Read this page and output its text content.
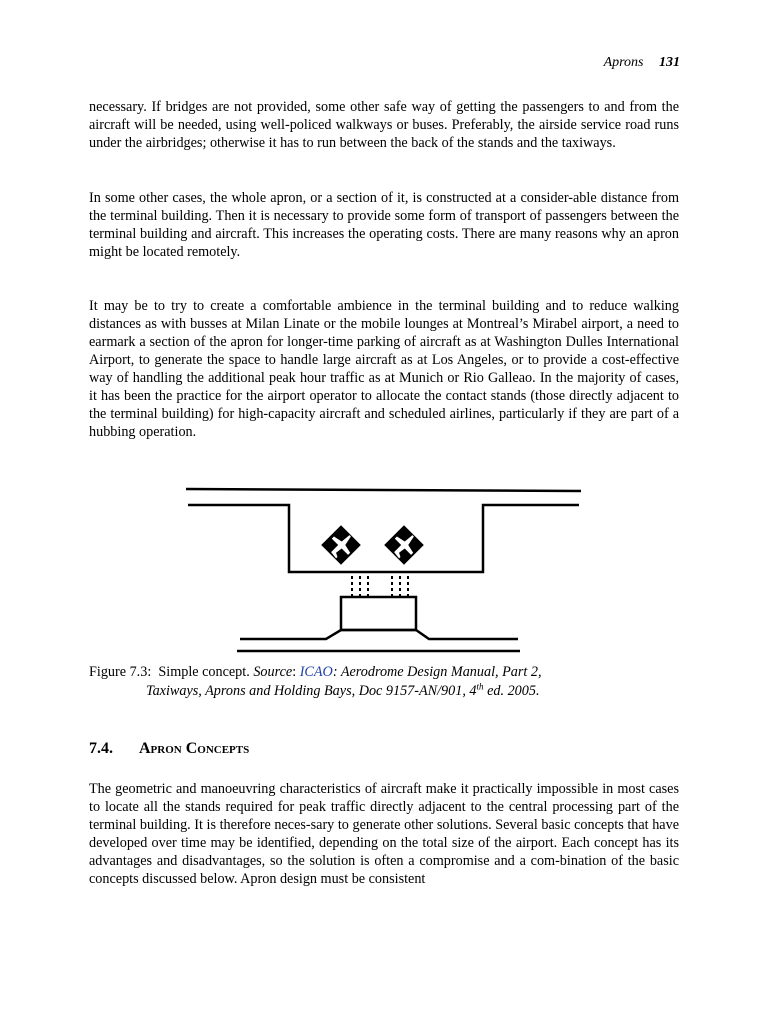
Aprons 131

necessary. If bridges are not provided, some other safe way of getting the passengers to and from the aircraft will be needed, using well-policed walkways or buses. Preferably, the airside service road runs under the airbridges; otherwise it has to run between the back of the stands and the taxiways.

In some other cases, the whole apron, or a section of it, is constructed at a consider-able distance from the terminal building. Then it is necessary to provide some form of transport of passengers between the terminal building and aircraft. This increases the operating costs. There are many reasons why an apron might be located remotely.

It may be to try to create a comfortable ambience in the terminal building and to reduce walking distances as with busses at Milan Linate or the mobile lounges at Montreal’s Mirabel airport, a need to earmark a section of the apron for longer-time parking of aircraft as at Washington Dulles International Airport, to generate the space to handle large aircraft as at Los Angeles, or to provide a cost-effective way of handling the additional peak hour traffic as at Munich or Rio Galleao. In the majority of cases, it has been the practice for the airport operator to allocate the contact stands (those directly adjacent to the terminal building) for high-capacity aircraft and scheduled airlines, particularly if they are part of a hubbing operation.

Figure 7.3: Simple concept. Source: ICAO: Aerodrome Design Manual, Part 2,
Taxiways, Aprons and Holding Bays, Doc 9157-AN/901, 4th ed. 2005.
7.4. Apron Concepts

The geometric and manoeuvring characteristics of aircraft make it practically impossible in most cases to locate all the stands required for peak traffic directly adjacent to the central processing part of the terminal building. It is therefore neces-sary to generate other solutions. Several basic concepts that have developed over time may be identified, depending on the total size of the airport. Each concept has its advantages and disadvantages, so the solution is often a compromise and a com-bination of the basic concepts discussed below. Apron design must be consistent
